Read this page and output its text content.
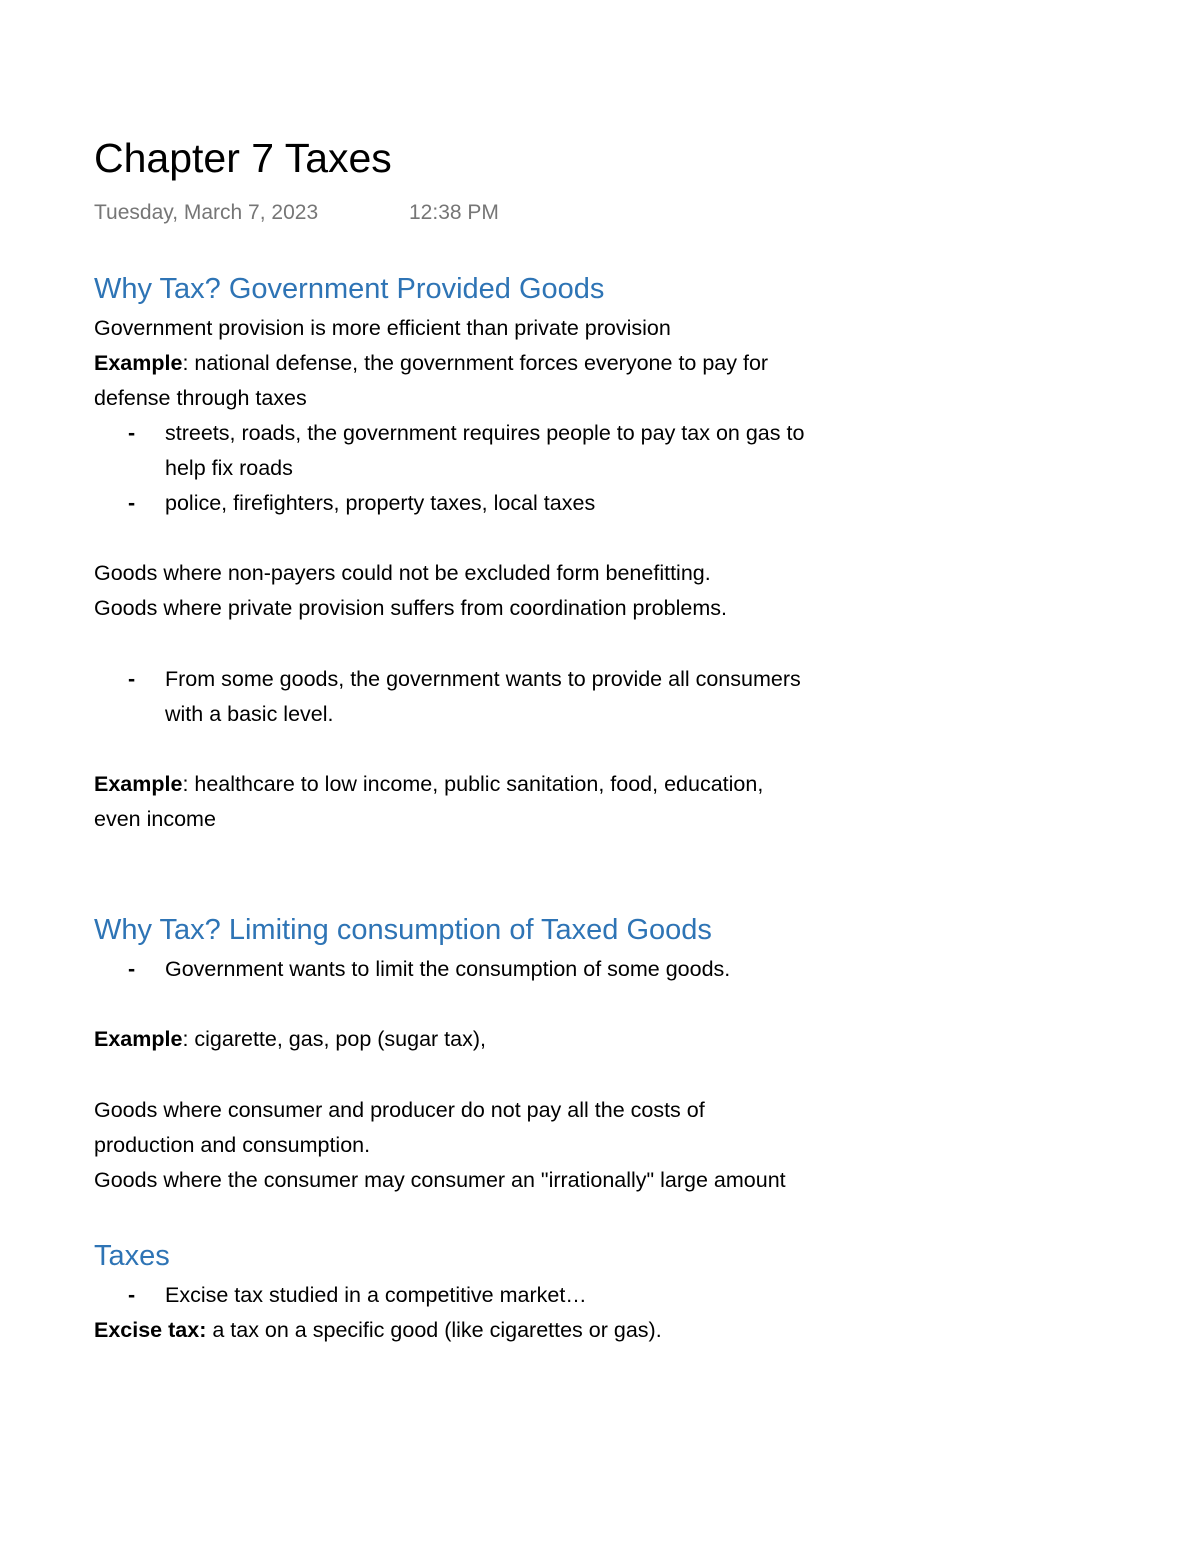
Chapter 7 Taxes
Tuesday, March 7, 2023	12:38 PM
Why Tax? Government Provided Goods
Government provision is more efficient than private provision
Example: national defense, the government forces everyone to pay for
defense through taxes
- streets, roads, the government requires people to pay tax on gas to
help fix roads
- police, firefighters, property taxes, local taxes
Goods where non-payers could not be excluded form benefitting.
Goods where private provision suffers from coordination problems.
- From some goods, the government wants to provide all consumers
with a basic level.
Example: healthcare to low income, public sanitation, food, education,
even income
Why Tax? Limiting consumption of Taxed Goods
- Government wants to limit the consumption of some goods.
Example: cigarette, gas, pop (sugar tax),
Goods where consumer and producer do not pay all the costs of
production and consumption.
Goods where the consumer may consumer an "irrationally" large amount
Taxes
- Excise tax studied in a competitive market…
Excise tax: a tax on a specific good (like cigarettes or gas).
